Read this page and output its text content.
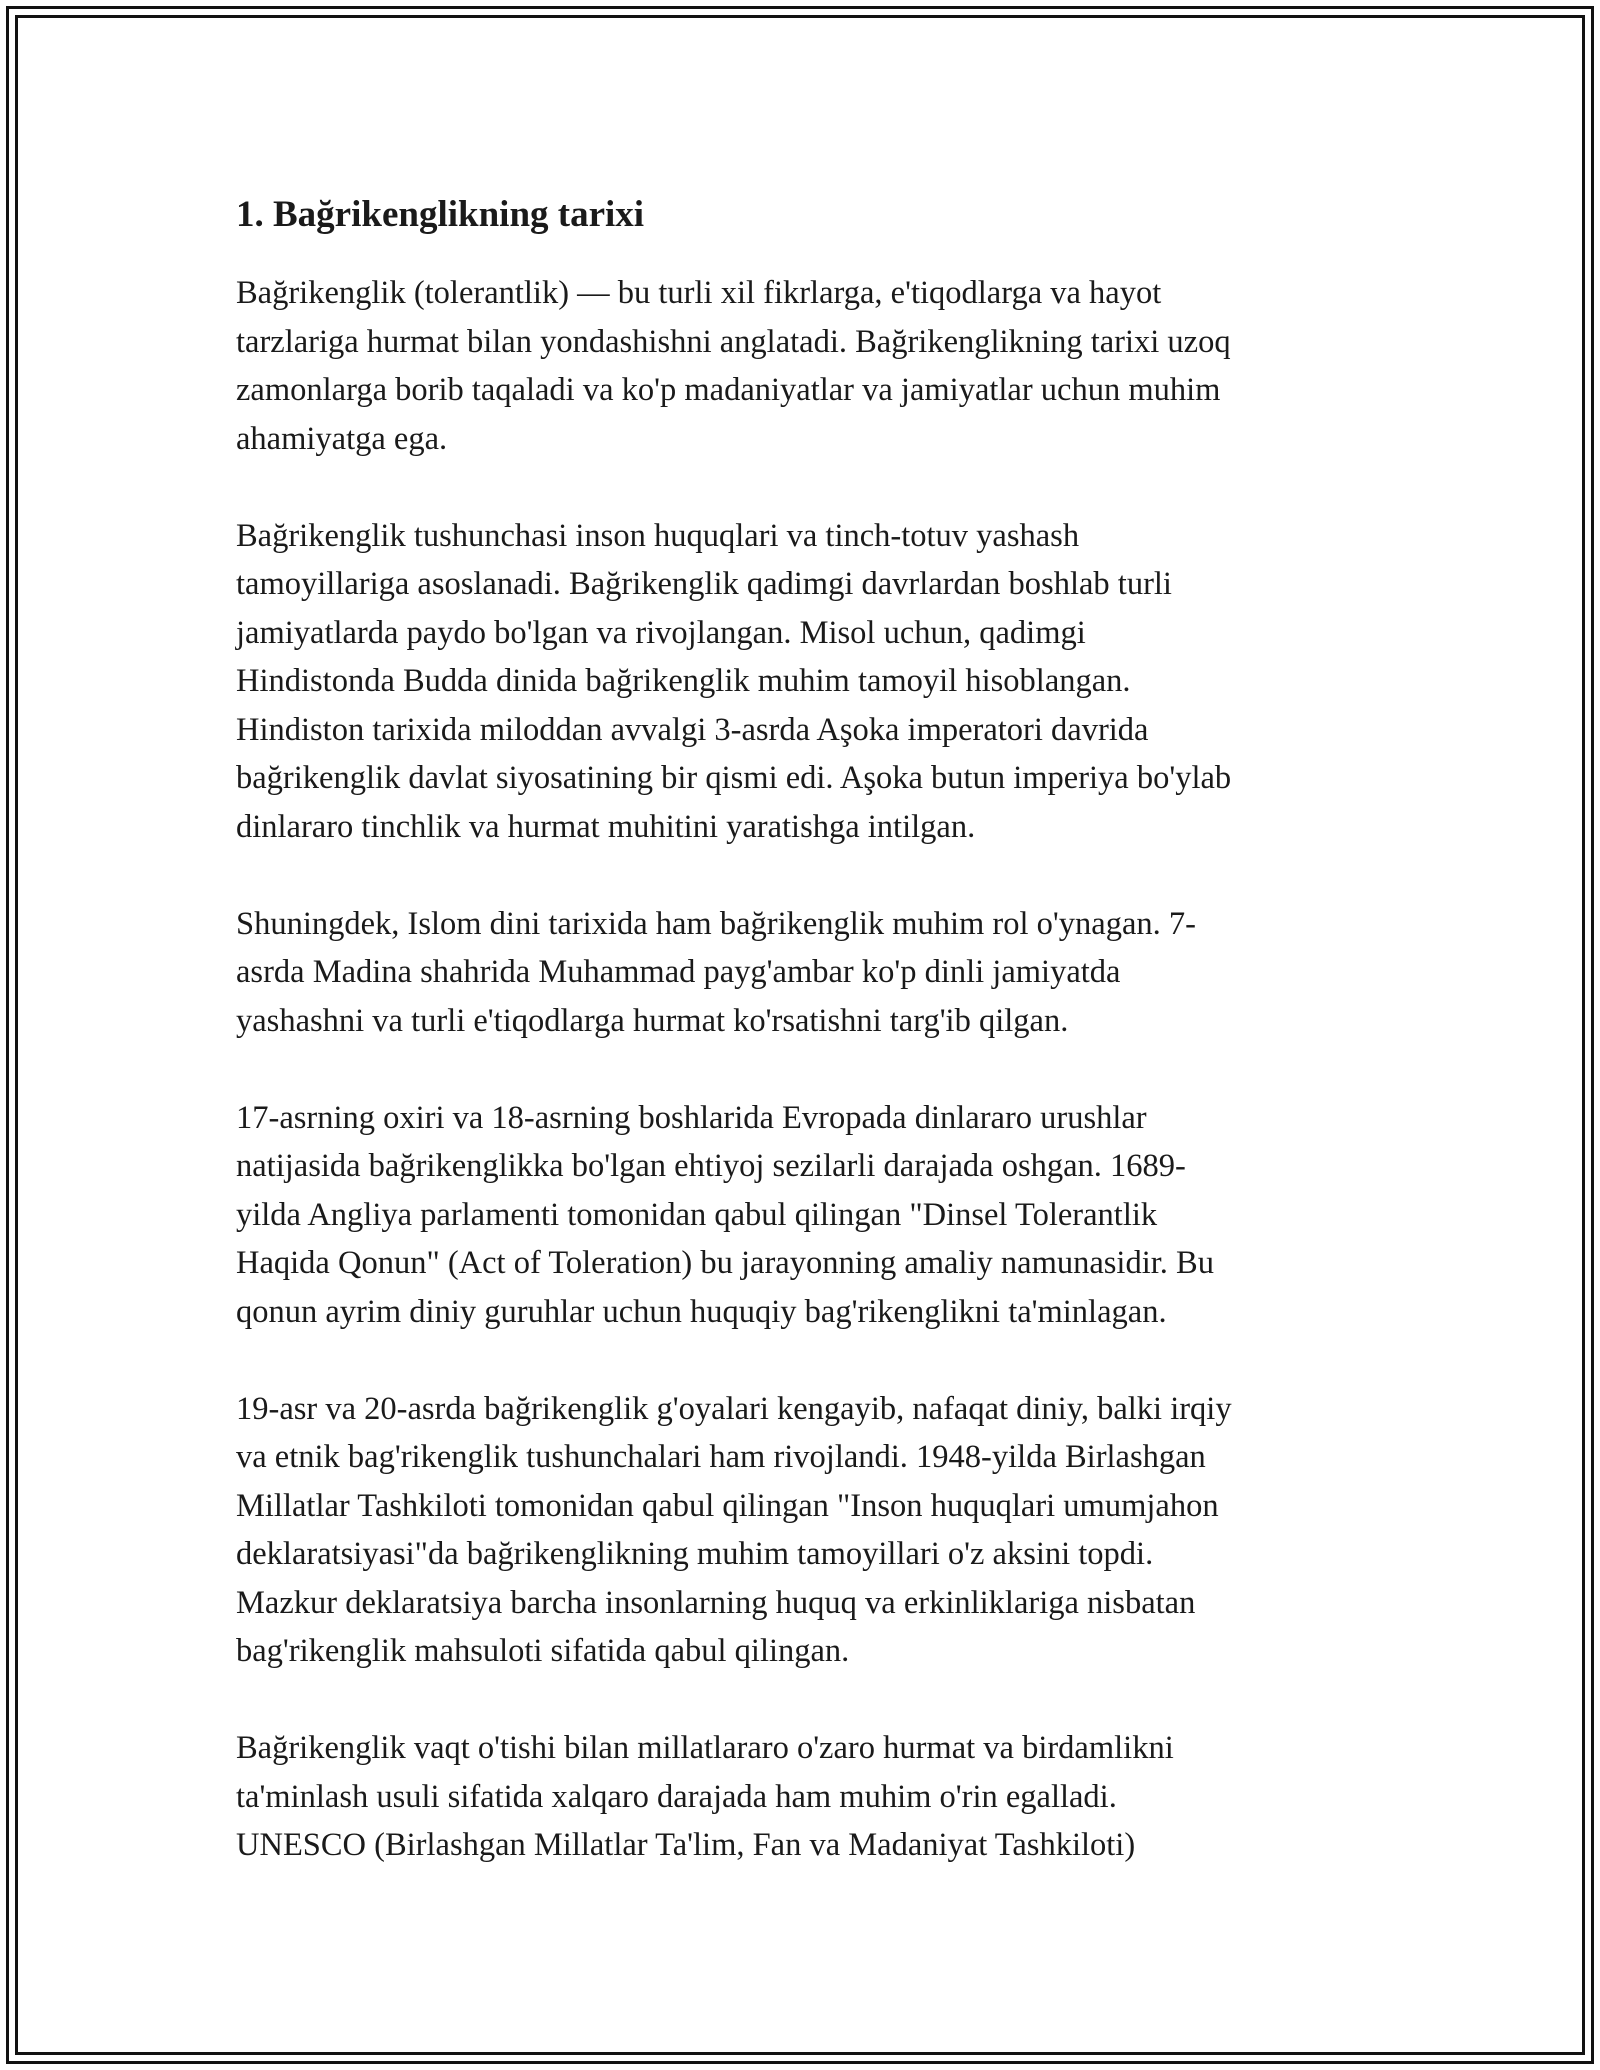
1. Bağrikenglikning tarixi
Bağrikenglik (tolerantlik) — bu turli xil fikrlarga, e'tiqodlarga va hayot
tarzlariga hurmat bilan yondashishni anglatadi. Bağrikenglikning tarixi uzoq
zamonlarga borib taqaladi va ko'p madaniyatlar va jamiyatlar uchun muhim
ahamiyatga ega.
Bağrikenglik tushunchasi inson huquqlari va tinch-totuv yashash
tamoyillariga asoslanadi. Bağrikenglik qadimgi davrlardan boshlab turli
jamiyatlarda paydo bo'lgan va rivojlangan. Misol uchun, qadimgi
Hindistonda Budda dinida bağrikenglik muhim tamoyil hisoblangan.
Hindiston tarixida miloddan avvalgi 3-asrda Aşoka imperatori davrida
bağrikenglik davlat siyosatining bir qismi edi. Aşoka butun imperiya bo'ylab
dinlararo tinchlik va hurmat muhitini yaratishga intilgan.
Shuningdek, Islom dini tarixida ham bağrikenglik muhim rol o'ynagan. 7-
asrda Madina shahrida Muhammad payg'ambar ko'p dinli jamiyatda
yashashni va turli e'tiqodlarga hurmat ko'rsatishni targ'ib qilgan.
17-asrning oxiri va 18-asrning boshlarida Evropada dinlararo urushlar
natijasida bağrikenglikka bo'lgan ehtiyoj sezilarli darajada oshgan. 1689-
yilda Angliya parlamenti tomonidan qabul qilingan "Dinsel Tolerantlik
Haqida Qonun" (Act of Toleration) bu jarayonning amaliy namunasidir. Bu
qonun ayrim diniy guruhlar uchun huquqiy bag'rikenglikni ta'minlagan.
19-asr va 20-asrda bağrikenglik g'oyalari kengayib, nafaqat diniy, balki irqiy
va etnik bag'rikenglik tushunchalari ham rivojlandi. 1948-yilda Birlashgan
Millatlar Tashkiloti tomonidan qabul qilingan "Inson huquqlari umumjahon
deklaratsiyasi"da bağrikenglikning muhim tamoyillari o'z aksini topdi.
Mazkur deklaratsiya barcha insonlarning huquq va erkinliklariga nisbatan
bag'rikenglik mahsuloti sifatida qabul qilingan.
Bağrikenglik vaqt o'tishi bilan millatlararo o'zaro hurmat va birdamlikni
ta'minlash usuli sifatida xalqaro darajada ham muhim o'rin egalladi.
UNESCO (Birlashgan Millatlar Ta'lim, Fan va Madaniyat Tashkiloti)
